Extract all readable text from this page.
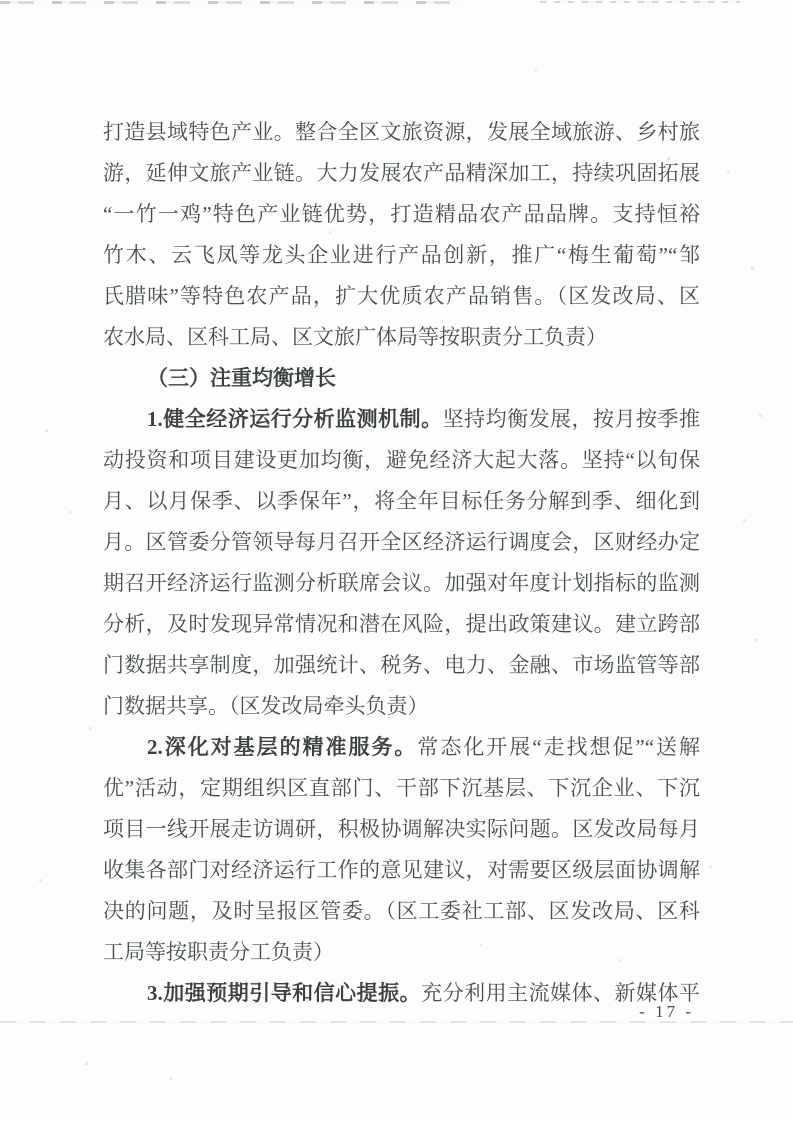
打造县域特色产业。整合全区文旅资源，发展全域旅游、乡村旅
游，延伸文旅产业链。大力发展农产品精深加工，持续巩固拓展
“一竹一鸡”特色产业链优势，打造精品农产品品牌。支持恒裕
竹木、云飞凤等龙头企业进行产品创新，推广“梅生葡萄”“邹
氏腊味”等特色农产品，扩大优质农产品销售。（区发改局、区
农水局、区科工局、区文旅广体局等按职责分工负责）
（三）注重均衡增长
1.健全经济运行分析监测机制。坚持均衡发展，按月按季推
动投资和项目建设更加均衡，避免经济大起大落。坚持“以旬保
月、以月保季、以季保年”，将全年目标任务分解到季、细化到
月。区管委分管领导每月召开全区经济运行调度会，区财经办定
期召开经济运行监测分析联席会议。加强对年度计划指标的监测
分析，及时发现异常情况和潜在风险，提出政策建议。建立跨部
门数据共享制度，加强统计、税务、电力、金融、市场监管等部
门数据共享。（区发改局牵头负责）
2.深化对基层的精准服务。常态化开展“走找想促”“送解
优”活动，定期组织区直部门、干部下沉基层、下沉企业、下沉
项目一线开展走访调研，积极协调解决实际问题。区发改局每月
收集各部门对经济运行工作的意见建议，对需要区级层面协调解
决的问题，及时呈报区管委。（区工委社工部、区发改局、区科
工局等按职责分工负责）
3.加强预期引导和信心提振。充分利用主流媒体、新媒体平
- 17 -
